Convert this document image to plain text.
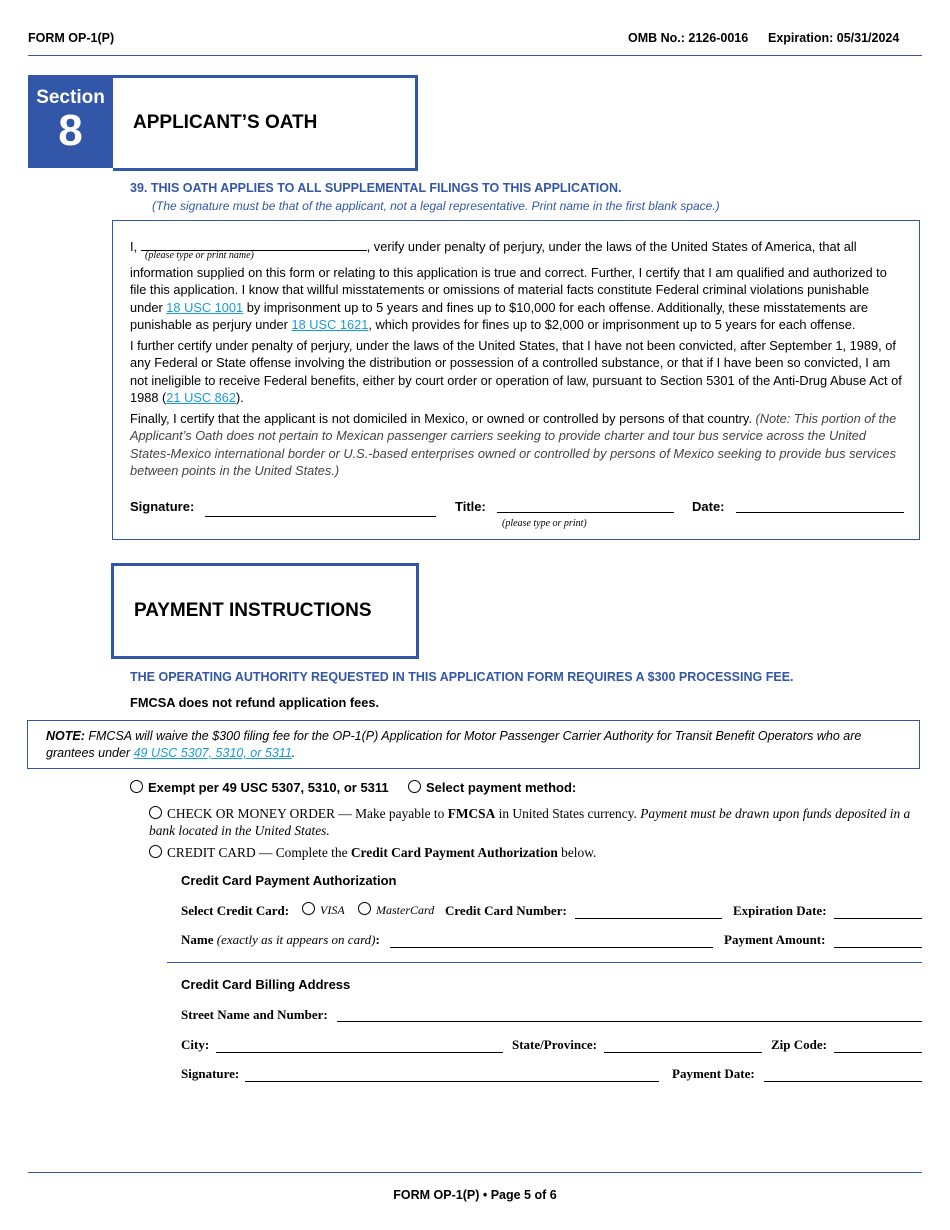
FORM OP-1(P)	OMB No.: 2126-0016 Expiration: 05/31/2024
Section
8	APPLICANT’S OATH
39. THIS OATH APPLIES TO ALL SUPPLEMENTAL FILINGS TO THIS APPLICATION.
(The signature must be that of the applicant, not a legal representative. Print name in the first blank space.)
I,	, verify under penalty of perjury, under the laws of the United States of America, that all
(please type or print name)
information supplied on this form or relating to this application is true and correct. Further, I certify that I am qualified and authorized to file this application. I know that willful misstatements or omissions of material facts constitute Federal criminal violations punishable under 18 USC 1001 by imprisonment up to 5 years and fines up to $10,000 for each offense. Additionally, these misstatements are punishable as perjury under 18 USC 1621, which provides for fines up to $2,000 or imprisonment up to 5 years for each offense.
I further certify under penalty of perjury, under the laws of the United States, that I have not been convicted, after September 1, 1989, of any Federal or State offense involving the distribution or possession of a controlled substance, or that if I have been so convicted, I am not ineligible to receive Federal benefits, either by court order or operation of law, pursuant to Section 5301 of the Anti-Drug Abuse Act of 1988 (21 USC 862).
Finally, I certify that the applicant is not domiciled in Mexico, or owned or controlled by persons of that country. (Note: This portion of the Applicant’s Oath does not pertain to Mexican passenger carriers seeking to provide charter and tour bus service across the United States-Mexico international border or U.S.-based enterprises owned or controlled by persons of Mexico seeking to provide bus services between points in the United States.)
Signature:	Title:
(please type or print)
Date:
PAYMENT INSTRUCTIONS
THE OPERATING AUTHORITY REQUESTED IN THIS APPLICATION FORM REQUIRES A $300 PROCESSING FEE.
FMCSA does not refund application fees.
NOTE: FMCSA will waive the $300 filing fee for the OP-1(P) Application for Motor Passenger Carrier Authority for Transit Benefit Operators who are grantees under 49 USC 5307, 5310, or 5311.
Exempt per 49 USC 5307, 5310, or 5311	Select payment method:
CHECK OR MONEY ORDER — Make payable to FMCSA in United States currency. Payment must be drawn upon funds deposited in a bank located in the United States.
CREDIT CARD — Complete the Credit Card Payment Authorization below.
Credit Card Payment Authorization
Select Credit Card:	VISA	MasterCard Credit Card Number:	Expiration Date:
Name (exactly as it appears on card):	Payment Amount:
Credit Card Billing Address
Street Name and Number:
City:	State/Province:	Zip Code:
Signature:	Payment Date:
FORM OP-1(P) • Page 5 of 6
